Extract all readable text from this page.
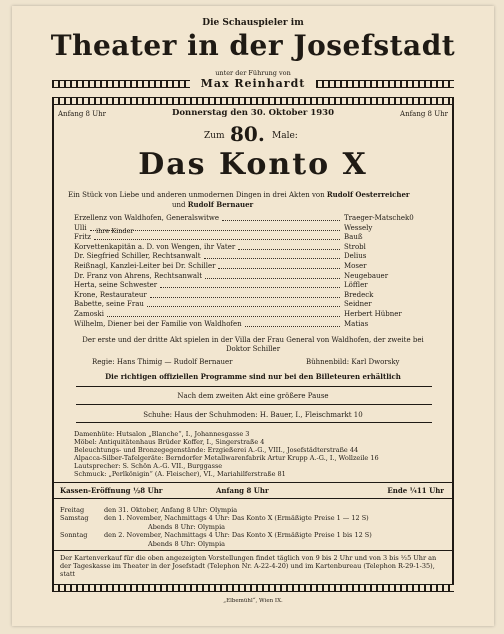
Die Schauspieler im
Theater in der Josefstadt
unter der Führung von
Max Reinhardt
Anfang 8 Uhr	Donnerstag den 30. Oktober 1930	Anfang 8 Uhr
Zum 80. Male:
Das Konto X
Ein Stück von Liebe und anderen unmodernen Dingen in drei Akten von Rudolf Oesterreicher
und Rudolf Bernauer
Erzellenz von Waldhofen, Generalswitwe	Traeger-Matschek0
Ulli	Wessely
Fritz	Bauß
Korvettenkapitän a. D. von Wengen, ihr Vater	Strobl
Dr. Siegfried Schiller, Rechtsanwalt	Delius
Reißnagl, Kanzlei-Leiter bei Dr. Schiller	Moser
Dr. Franz von Ahrens, Rechtsanwalt	Neugebauer
Herta, seine Schwester	Löffler
Krone, Restaurateur	Bredeck
Babette, seine Frau	Seidner
Zamoski	Herbert Hübner
Wilhelm, Diener bei der Familie von Waldhofen	Matias
ihre Kinder
Der erste und der dritte Akt spielen in der Villa der Frau General von Waldhofen, der zweite bei Doktor Schiller
Regie: Hans Thimig — Rudolf Bernauer	Bühnenbild: Karl Dworsky
Die richtigen offiziellen Programme sind nur bei den Billeteuren erhältlich
Nach dem zweiten Akt eine größere Pause
Schuhe: Haus der Schuhmoden: H. Bauer, I., Fleischmarkt 10
Damenhüte: Hutsalon „Blanche“, I., Johannesgasse 3
Möbel: Antiquitätenhaus Brüder Koffer, I., Singerstraße 4
Beleuchtungs- und Bronzegegenstände: Erzgießerei A.-G., VIII., Josefstädterstraße 44
Alpacca-Silber-Tafelgeräte: Berndorfer Metallwarenfabrik Artur Krupp A.-G., I., Wollzeile 16
Lautsprecher: S. Schön A.-G. VII., Burggasse
Schmuck: „Perlkönigin“ (A. Fleischer), VI., Mariahilferstraße 81
Kassen-Eröffnung ½8 Uhr	Anfang 8 Uhr	Ende ¼11 Uhr
Freitag	den 31. Oktober, Anfang 8 Uhr: Olympia
Samstag den 1. November, Nachmittags 4 Uhr: Das Konto X (Ermäßigte Preise 1 — 12 S)
Abends 8 Uhr: Olympia
Sonntag	den 2. November, Nachmittags 4 Uhr: Das Konto X (Ermäßigte Preise 1 bis 12 S)
Abends 8 Uhr: Olympia
Der Kartenverkauf für die oben angezeigten Vorstellungen findet täglich von 9 bis 2 Uhr und von 3 bis ½5 Uhr an der Tageskasse im Theater in der Josefstadt (Telephon Nr. A-22-4-20) und im Kartenbureau (Telephon R-29-1-35), statt
„Elbemühl“, Wien IX.
